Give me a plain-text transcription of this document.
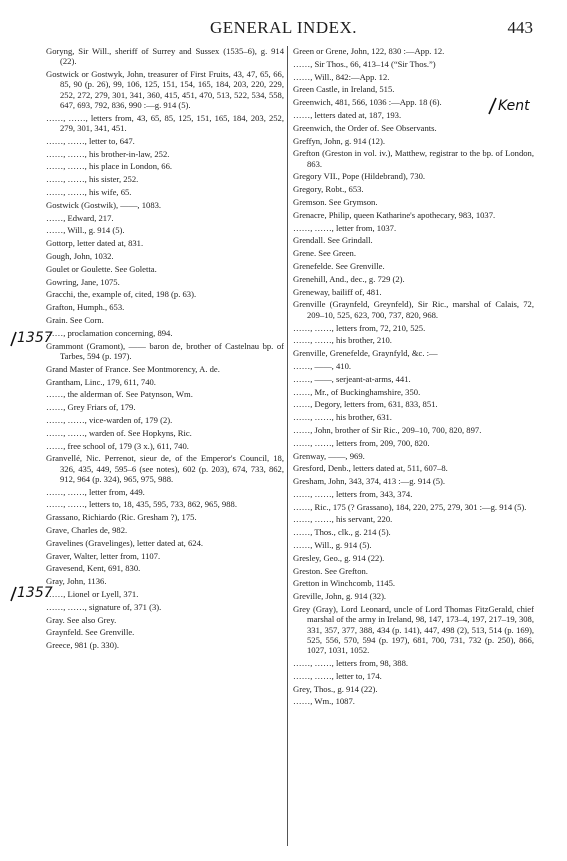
GENERAL INDEX.	443

Goryng, Sir Will., sheriff of Surrey and Sussex (1535–6), g. 914 (22).

Gostwick or Gostwyk, John, treasurer of First Fruits, 43, 47, 65, 66, 85, 90 (p. 26), 99, 106, 125, 151, 154, 165, 184, 203, 220, 229, 252, 272, 279, 301, 341, 360, 415, 451, 470, 513, 522, 534, 558, 647, 693, 792, 836, 990 :—g. 914 (5).

……, ……, letters from, 43, 65, 85, 125, 151, 165, 184, 203, 252, 279, 301, 341, 451.

……, ……, letter to, 647.

……, ……, his brother-in-law, 252.

……, ……, his place in London, 66.

……, ……, his sister, 252.

……, ……, his wife, 65.

Gostwick (Gostwik), ——, 1083.

……, Edward, 217.

……, Will., g. 914 (5).

Gottorp, letter dated at, 831.

Gough, John, 1032.

Goulet or Goulette. See Goletta.

Gowring, Jane, 1075.

Gracchi, the, example of, cited, 198 (p. 63).

Grafton, Humph., 653.

Grain. See Corn.

……, proclamation concerning, 894.

Grammont (Gramont), —— baron de, brother of Castelnau bp. of Tarbes, 594 (p. 197).

Grand Master of France. See Montmorency, A. de.

Grantham, Linc., 179, 611, 740.

……, the alderman of. See Patynson, Wm.

……, Grey Friars of, 179.

……, ……, vice-warden of, 179 (2).

……, ……, warden of. See Hopkyns, Ric.

……, free school of, 179 (3 x.), 611, 740.

Granvellé, Nic. Perrenot, sieur de, of the Emperor's Council, 18, 326, 435, 449, 595–6 (see notes), 602 (p. 203), 674, 733, 862, 912, 964 (p. 324), 965, 975, 988.

……, ……, letter from, 449.

……, ……, letters to, 18, 435, 595, 733, 862, 965, 988.

Grassano, Richiardo (Ric. Gresham ?), 175.

Grave, Charles de, 982.

Gravelines (Gravelinges), letter dated at, 624.

Graver, Walter, letter from, 1107.

Gravesend, Kent, 691, 830.

Gray, John, 1136.

……, Lionel or Lyell, 371.

……, ……, signature of, 371 (3).

Gray. See also Grey.

Graynfeld. See Grenville.

Greece, 981 (p. 330).

Green or Grene, John, 122, 830 :—App. 12.

……, Sir Thos., 66, 413–14 (“Sir Thos.”)

……, Will., 842:—App. 12.

Green Castle, in Ireland, 515.

Greenwich, 481, 566, 1036 :—App. 18 (6).

……, letters dated at, 187, 193.

Greenwich, the Order of. See Observants.

Greffyn, John, g. 914 (12).

Grefton (Greston in vol. iv.), Matthew, registrar to the bp. of London, 863.

Gregory VII., Pope (Hildebrand), 730.

Gregory, Robt., 653.

Gremson. See Grymson.

Grenacre, Philip, queen Katharine's apothecary, 983, 1037.

……, ……, letter from, 1037.

Grendall. See Grindall.

Grene. See Green.

Grenefelde. See Grenville.

Grenehill, And., dec., g. 729 (2).

Greneway, bailiff of, 481.

Grenville (Graynfeld, Greynfeld), Sir Ric., marshal of Calais, 72, 209–10, 525, 623, 700, 737, 820, 968.

……, ……, letters from, 72, 210, 525.

……, ……, his brother, 210.

Grenville, Grenefelde, Graynfyld, &c. :—

……, ——, 410.

……, ——, serjeant-at-arms, 441.

……, Mr., of Buckinghamshire, 350.

……, Degory, letters from, 631, 833, 851.

……, ……, his brother, 631.

……, John, brother of Sir Ric., 209–10, 700, 820, 897.

……, ……, letters from, 209, 700, 820.

Grenway, ——, 969.

Gresford, Denb., letters dated at, 511, 607–8.

Gresham, John, 343, 374, 413 :—g. 914 (5).

……, ……, letters from, 343, 374.

……, Ric., 175 (? Grassano), 184, 220, 275, 279, 301 :—g. 914 (5).

……, ……, his servant, 220.

……, Thos., clk., g. 214 (5).

……, Will., g. 914 (5).

Gresley, Geo., g. 914 (22).

Greston. See Grefton.

Gretton in Winchcomb, 1145.

Greville, John, g. 914 (32).

Grey (Gray), Lord Leonard, uncle of Lord Thomas FitzGerald, chief marshal of the army in Ireland, 98, 147, 173–4, 197, 217–19, 308, 331, 357, 377, 388, 434 (p. 141), 447, 498 (2), 513, 514 (p. 169), 525, 556, 570, 594 (p. 197), 681, 700, 731, 732 (p. 250), 866, 1027, 1031, 1052.

……, ……, letters from, 98, 388.

……, ……, letter to, 174.

Grey, Thos., g. 914 (22).

……, Wm., 1087.

1357
1357
Kent
